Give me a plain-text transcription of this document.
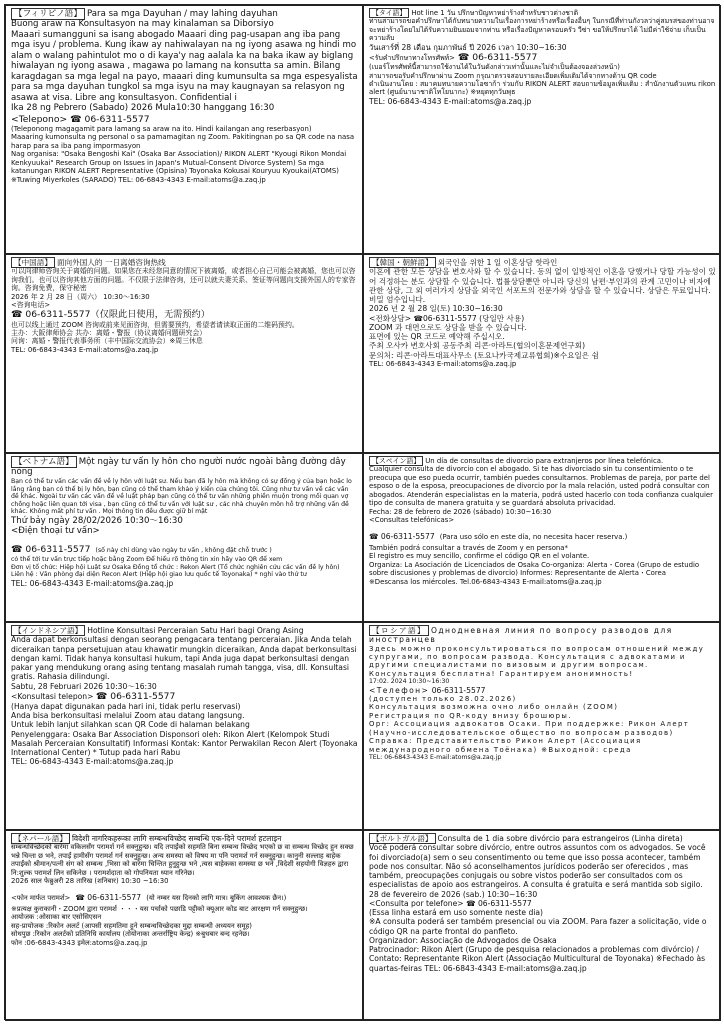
【フィリピノ語】 Para sa mga Dayuhan / may lahing dayuhan

Buong araw na Konsultasyon na may kinalaman sa Diborsiyo

Maaari sumangguni sa isang abogado Maaari ding pag-usapan ang iba pang mga isyu / problema. Kung ikaw ay nahiwalayan na ng iyong asawa ng hindi mo alam o walang pahintulot mo o di kaya'y nag aalala ka na baka ikaw ay biglang hiwalayan ng iyong asawa , magawa po lamang na konsutta sa amin. Bilang karagdagan sa mga legal na payo, maaari ding kumunsulta sa mga espesyalista para sa mga dayuhan tungkol sa mga isyu na may kaugnayan sa relasyon ng asawa at visa. Libre ang konsultasyon. Confidential i

Ika 28 ng Pebrero (Sabado) 2026 Mula10:30 hanggang 16:30

<Telepono> ☎ 06-6311-5577

(Teleponong magagamit para lamang sa araw na ito. Hindi kailangan ang reserbasyon)

Maaaring kumonsulta ng personal o sa pamamagitan ng Zoom. Pakitingnan po sa QR code na nasa harap para sa iba pang impormasyon

Nag organisa: "Osaka Bengoshi Kai" (Osaka Bar Association)/ RIKON ALERT "Kyougi Rikon Mondai Kenkyuukai" Research Group on Issues in Japan's Mutual-Consent Divorce System) Sa mga katanungan RIKON ALERT Representative (Opisina) Toyonaka Kokusai Kouryuu Kyoukai(ATOMS) ※Tuwing Miyerkoles (SARADO) TEL: 06-6843-4343 E-mail:atoms@a.zaq.jp

【タイ語】 Hot line 1 วัน ปรึกษาปัญหาหย่าร้างสำหรับชาวต่างชาติ

ท่านสามารถขอคำปรึกษาได้กับทนายความในเรื่องการหย่าร้างหรือเรื่องอื่นๆ ในกรณีที่ท่านกังวลว่าคู่สมรสของท่านอาจจะหย่าร้างโดยไม่ได้รับความยินยอมจากท่าน หรือเรื่องปัญหาครอบครัว วีซ่า ขอให้ปรึกษาได้ ไม่มีค่าใช้จ่าย เก็บเป็นความลับ

วันเสาร์ที่ 28 เดือน กุมภาพันธ์ ปี 2026 เวลา 10:30~16:30

<รับคำปรึกษาทางโทรศัพท์> ☎ 06-6311-5577

(เบอร์โทรศัพท์นี้สามารถใช้งานได้ในวันดังกล่าวเท่านั้นและไม่จำเป็นต้องจองล่วงหน้า)

สามารถขอรับคำปรึกษาผ่าน Zoom กรุณาตรวจสอบรายละเอียดเพิ่มเติมได้จากทางด้าน QR code

ดำเนินงานโดย : สมาคมทนายความโอซาก้า ร่วมกับ RIKON ALERT สอบถามข้อมูลเพิ่มเติม : สำนักงานตัวแทน rikon alert (ศูนย์นานาชาติโทโยนากะ) ※หยุดทุกวันพุธ

TEL: 06-6843-4343 E-mail:atoms@a.zaq.jp

【中国語】 面向外国人的 一日离婚咨询热线

可以向律师咨询关于离婚的问题。如果您在未经您同意的情况下被离婚，或者担心自己可能会被离婚，您也可以咨询我们。也可以咨询其他方面的问题。不仅限于法律咨询，还可以就夫妻关系、签证等问题向支援外国人的专家咨询。咨询免费，保守秘密

2026 年 2 月 28 日（周六） 10:30～16:30

<咨询电话>

☎ 06-6311-5577（仅限此日使用，无需预约）

也可以线上通过 ZOOM 咨询或前来见面咨询，但需要预约，希望者请读取正面的二维码预约。

主办：大阪律师协会 共办：离婚・警报（协议离婚问题研究会）

问询：离婚・警报代表事务所（丰中国际交流协会）※周三休息

TEL: 06-6843-4343 E-mail:atoms@a.zaq.jp

【韓国・朝鮮語】 외국인을 위한 1 일 이혼상담 핫라인

이혼에 관한 모든 상담을 변호사와 할 수 있습니다. 동의 없이 일방적인 이혼을 당했거나 당할 가능성이 있어 걱정하는 분도 상담할 수 있습니다. 법률상담뿐만 아니라 당신의 남편·부인과의 관계 고민이나 비자에 관한 상담, 그 외 여러가지 상담을 외국인 서포트의 전문가와 상담을 할 수 있습니다. 상담은 무료입니다. 비밀 엄수입니다.

2026 년 2 월 28 일(토) 10:30~16:30

<전화상담> ☎06-6311-5577 (당일만 사용)

ZOOM 과 대면으로도 상담을 받을 수 있습니다.

표면에 있는 QR 코드로 예약해 주십시오.

주최 오사카 변호사회 공동주최 리콘·아라트(협의이혼문제연구회)

문의처: 리콘·아라트대표사무소 (토요나카국제교류협회)※수요일은 쉼

TEL: 06-6843-4343 E-mail:atoms@a.zaq.jp

【ベトナム語】 Một ngày tư vấn ly hôn cho người nước ngoài bằng đường dây nóng

Bạn có thể tư vấn các vấn đề về ly hôn với luật sư. Nếu bạn đã ly hôn mà không có sự đồng ý của bạn hoặc lo lắng rằng bạn có thể bị ly hôn, bạn cũng có thể tham khảo ý kiến của chúng tôi. Cũng như tư vấn về các vấn đề khác. Ngoài tư vấn các vấn đề về luật pháp bạn cũng có thể tư vấn những phiền muộn trong mối quan vợ chồng hoặc liên quan tới visa , bạn cũng có thể tư vấn với luật sư , các nhà chuyên môn hỗ trợ những vấn đề khác. Không mất phí tư vấn . Mọi thông tin đều được giữ bí mật

Thứ bảy ngày 28/02/2026 10:30～16:30

<Điện thoại tư vấn>

☎ 06-6311-5577 (số này chỉ dùng vào ngày tư vấn , không đặt chỗ trước )

có thể tới tư vấn trực tiếp hoặc bằng Zoom Để hiểu rõ thông tin xin hãy vào QR để xem

Đơn vị tổ chức: Hiệp hội Luật sư Osaka Đồng tổ chức : Rekon Alert (Tổ chức nghiên cứu các vấn đề ly hôn)

Liên hệ : Văn phòng đại diện Recon Alert (Hiệp hội giao lưu quốc tế Toyonaka) * nghỉ vào thứ tư

TEL: 06-6843-4343 E-mail:atoms@a.zaq.jp

【スペイン語】 Un día de consultas de divorcio para extranjeros por línea telefónica.

Cualquier consulta de divorcio con el abogado. Si te has divorciado sin tu consentimiento o te preocupa que eso pueda ocurrir, también puedes consultarnos. Problemas de pareja, por parte del esposo o de la esposa, preocupaciones de divorcio por la mala relación, usted podrá consultar con abogados. Atenderán especialistas en la materia, podrá usted hacerlo con toda confianza cualquier tipo de consulta de manera gratuita y se guardará absoluta privacidad.

Fecha: 28 de febrero de 2026 (sábado) 10:30~16:30

<Consultas telefónicas>

☎ 06-6311-5577 (Para uso sólo en este día, no necesita hacer reserva.)

También podrá consultar a través de Zoom y en persona*

El registro es muy sencillo, confirme el código QR en el volante.

Organiza: La Asociación de Licenciados de Osaka Co-organiza: Alerta・Corea (Grupo de estudio sobre discusiones y problemas de divorcio) Informes: Representante de Alerta・Corea

※Descansa los miércoles. Tel.06-6843-4343 E-mail:atoms@a.zaq.jp

【インドネシア語】 Hotline Konsultasi Perceraian Satu Hari bagi Orang Asing

Anda dapat berkonsultasi dengan seorang pengacara tentang perceraian. Jika Anda telah diceraikan tanpa persetujuan atau khawatir mungkin diceraikan, Anda dapat berkonsultasi dengan kami. Tidak hanya konsultasi hukum, tapi Anda juga dapat berkonsultasi dengan pakar yang mendukung orang asing tentang masalah rumah tangga, visa, dll. Konsultasi gratis. Rahasia dilindungi.

Sabtu, 28 Februari 2026 10:30～16:30

<Konsultasi telepon> ☎ 06-6311-5577

(Hanya dapat digunakan pada hari ini, tidak perlu reservasi)

Anda bisa berkonsultasi melalui Zoom atau datang langsung.

Untuk lebih lanjut silahkan scan QR Code di halaman belakang

Penyelenggara: Osaka Bar Association Disponsori oleh: Rikon Alert (Kelompok Studi Masalah Perceraian Konsultatif) Informasi Kontak: Kantor Perwakilan Recon Alert (Toyonaka International Center) * Tutup pada hari Rabu

TEL: 06-6843-4343 E-mail:atoms@a.zaq.jp

【ロシア語】 Однодневная линия по вопросу разводов для иностранцев

Здесь можно проконсультироваться по вопросам отношений между супругами, по вопросам развода. Консультация с адвокатами и другими специалистами по визовым и другим вопросам. Консультация бесплатна! Гарантируем анонимность!

17:02. 2024 10:30~16:30

<Телефон> 06-6311-5577

(доступен только 28.02.2026)

Консультация возможна очно либо онлайн (ZOOM)

Регистрация по QR-коду внизу брошюры.

Орг: Ассоциация адвокатов Осаки. При поддержке: Рикон Алерт (Научно-исследовательское общество по вопросам разводов)

Справка: Представительство Рикон Алерт (Ассоциация международного обмена Тоёнака) ※Выходной: среда

TEL: 06-6843-4343 E-mail:atoms@a.zaq.jp

【ネパール語】 विदेशी नागरिकहरूका लागि सम्बन्धविच्छेद सम्बन्धि एक-दिने परामर्श हटलाइन

सम्बन्धविच्छेदको बारेमा वकिलसँग परामर्श गर्न सक्नुहुन्छ। यदि तपाईंको सहमति बिना सम्बन्ध विच्छेद भएको छ वा सम्बन्ध विच्छेद हुन सक्छ भन्ने चिन्ता छ भने, तपाईं हामीसँग परामर्श गर्न सक्नुहुन्छ। अन्य समस्या को विषय मा पनि परामर्श गर्न सक्नुहुन्छ। कानुनी सल्लाह बाहेक तपाईंको श्रीमान/पत्नी संग को सम्बन्ध ,भिसा को बारेमा चिन्तित हुनुहुन्छ भने ,त्यस बाहेकका समस्या छ भने ,विदेशी सहयोगी विज्ञहरु द्वारा नि:शुल्क परामर्श लिन सकिनेछ । परामर्शदाता को गोपनियता ध्यान गरिनेछ।

2026 साल फेब्रुअरी 28 तारिख (शनिबार) 10:30 ~16:30

<फोन मार्फत परामर्श> ☎ 06-6311-5577 (यो नम्बर यस दिनको लागि मात्र। बुकिंग आवश्यक छैन।)

※प्रत्यक्ष कुराकानी・ZOOM द्वारा परामर्श ・・・यस पर्चाको पछाडि पट्टीको क्यूआर कोड बाट आरक्षण गर्न सक्नुहुन्छ।

आयोजक :ओसाका बार एसोसिएसन

सह-प्रायोजक :रिकोन अलर्ट (आपसी सहमतिमा हुने सम्बन्धविच्छेदका मुद्दा सम्बन्धी अध्ययन समूह)

सोधपुछ :रिकोन अलर्टको प्रतिनिधि कार्यालय (तोयोनाका अन्तर्राष्ट्रिय केन्द्र) ※बुधबार बन्द रहनेछ।

फोन :06-6843-4343 इमेल:atoms@a.zaq.jp

【ポルトガル語】 Consulta de 1 dia sobre divórcio para estrangeiros (Linha direta)

Você poderá consultar sobre divórcio, entre outros assuntos com os advogados. Se você foi divorciado(a) sem o seu consentimento ou teme que isso possa acontecer, também pode nos consultar. Não só aconselhamentos jurídicos poderão ser oferecidos , mas também, preocupações conjugais ou sobre vistos poderão ser consultados com os especialistas de apoio aos estrangeiros. A consulta é gratuita e será mantida sob sigilo.

28 de fevereiro de 2026 (sab.) 10:30~16:30

<Consulta por telefone> ☎ 06-6311-5577

(Essa linha estará em uso somente neste dia)

※A consulta poderá ser também presencial ou via ZOOM. Para fazer a solicitação, vide o código QR na parte frontal do panfleto.

Organizador: Associação de Advogados de Osaka

Patrocinador: Rikon Alert (Grupo de pesquisa relacionados a problemas com divórcio) / Contato: Representante Rikon Alert (Associação Multicultural de Toyonaka) ※Fechado às quartas-feiras TEL: 06-6843-4343 E-mail:atoms@a.zaq.jp
